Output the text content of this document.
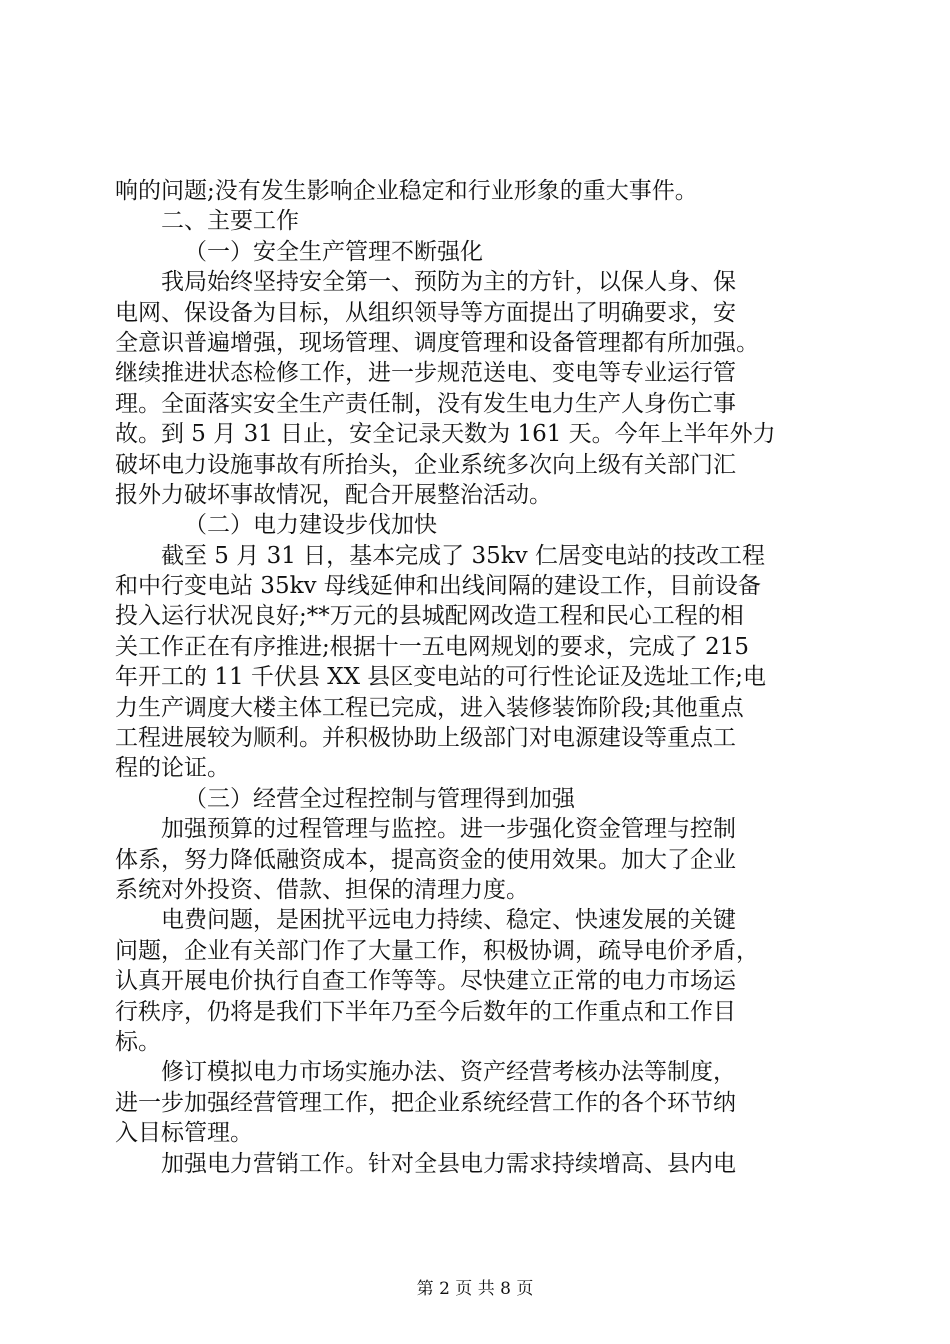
响的问题;没有发生影响企业稳定和行业形象的重大事件。
二、主要工作
（一）安全生产管理不断强化
我局始终坚持安全第一、预防为主的方针，以保人身、保
电网、保设备为目标，从组织领导等方面提出了明确要求，安
全意识普遍增强，现场管理、调度管理和设备管理都有所加强。
继续推进状态检修工作，进一步规范送电、变电等专业运行管
理。全面落实安全生产责任制，没有发生电力生产人身伤亡事
故。到 5 月 31 日止，安全记录天数为 161 天。今年上半年外力
破坏电力设施事故有所抬头，企业系统多次向上级有关部门汇
报外力破坏事故情况，配合开展整治活动。
（二）电力建设步伐加快
截至 5 月 31 日，基本完成了 35kv 仁居变电站的技改工程
和中行变电站 35kv 母线延伸和出线间隔的建设工作，目前设备
投入运行状况良好;**万元的县城配网改造工程和民心工程的相
关工作正在有序推进;根据十一五电网规划的要求，完成了 215
年开工的 11 千伏县 XX 县区变电站的可行性论证及选址工作;电
力生产调度大楼主体工程已完成，进入装修装饰阶段;其他重点
工程进展较为顺利。并积极协助上级部门对电源建设等重点工
程的论证。
（三）经营全过程控制与管理得到加强
加强预算的过程管理与监控。进一步强化资金管理与控制
体系，努力降低融资成本，提高资金的使用效果。加大了企业
系统对外投资、借款、担保的清理力度。
电费问题，是困扰平远电力持续、稳定、快速发展的关键
问题，企业有关部门作了大量工作，积极协调，疏导电价矛盾，
认真开展电价执行自查工作等等。尽快建立正常的电力市场运
行秩序，仍将是我们下半年乃至今后数年的工作重点和工作目
标。
修订模拟电力市场实施办法、资产经营考核办法等制度，
进一步加强经营管理工作，把企业系统经营工作的各个环节纳
入目标管理。
加强电力营销工作。针对全县电力需求持续增高、县内电
第 2 页 共 8 页
